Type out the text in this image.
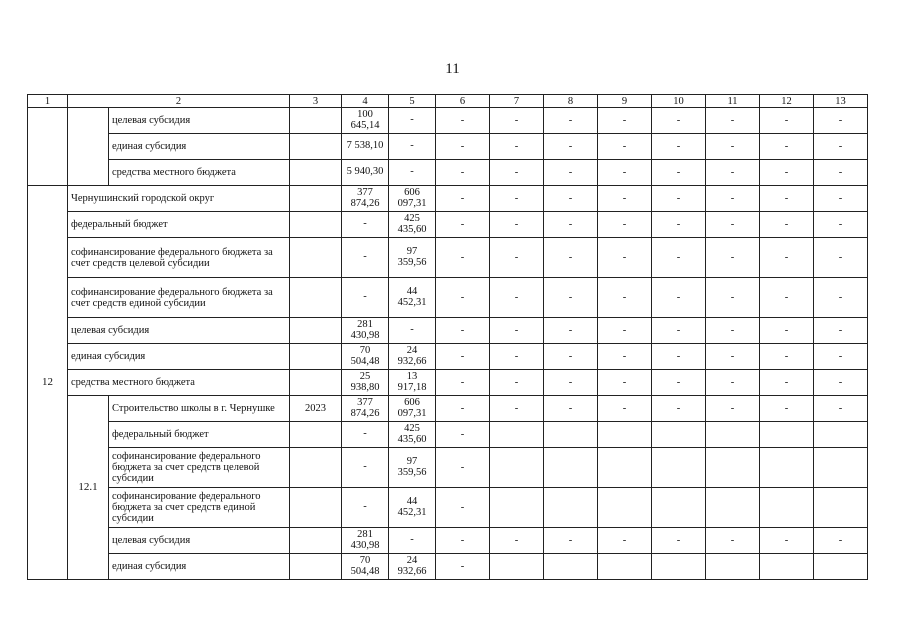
11
1	2		3	4	5	6	7	8	9	10	11	12	13
		целевая субсидия		100 645,14	-	-	-	-	-	-	-	-	-
		единая субсидия		7 538,10	-	-	-	-	-	-	-	-	-
		средства местного бюджета		5 940,30	-	-	-	-	-	-	-	-	-
12	Чернушинский городской округ			377 874,26	606 097,31	-	-	-	-	-	-	-	-
	федеральный бюджет			-	425 435,60	-	-	-	-	-	-	-	-
	софинансирование федерального бюджета за счет средств целевой субсидии			-	97 359,56	-	-	-	-	-	-	-	-
	софинансирование федерального бюджета за счет средств единой субсидии			-	44 452,31	-	-	-	-	-	-	-	-
	целевая субсидия			281 430,98	-	-	-	-	-	-	-	-	-
	единая субсидия			70 504,48	24 932,66	-	-	-	-	-	-	-	-
	средства местного бюджета			25 938,80	13 917,18	-	-	-	-	-	-	-	-
	12.1	Строительство школы в г. Чернушке	2023	377 874,26	606 097,31	-	-	-	-	-	-	-	-
		федеральный бюджет		-	425 435,60	-							
		софинансирование федерального бюджета за счет средств целевой субсидии		-	97 359,56	-							
		софинансирование федерального бюджета за счет средств единой субсидии		-	44 452,31	-							
		целевая субсидия		281 430,98	-	-	-	-	-	-	-	-	-
		единая субсидия		70 504,48	24 932,66	-							
